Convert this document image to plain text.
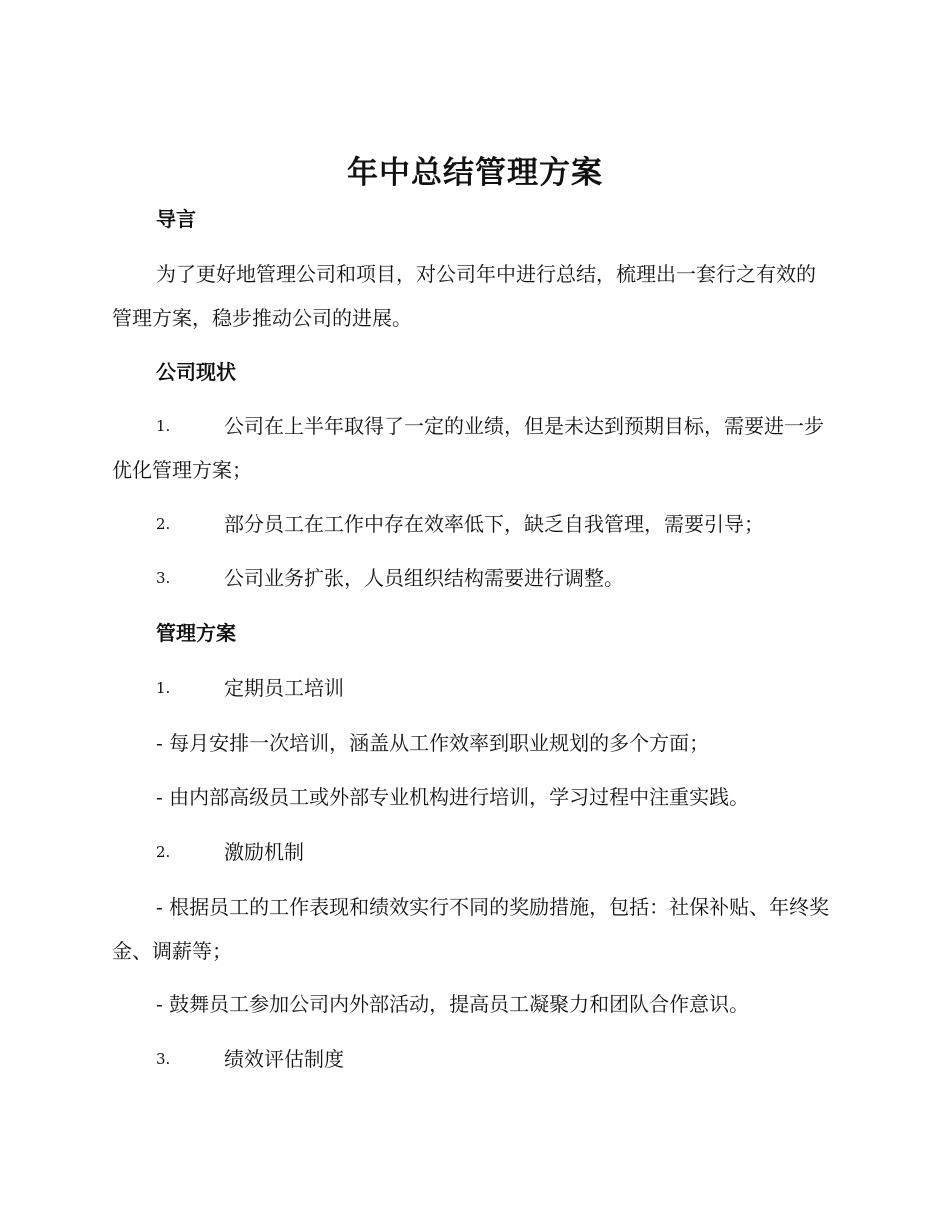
年中总结管理方案
导言
为了更好地管理公司和项目，对公司年中进行总结，梳理出一套行之有效的管理方案，稳步推动公司的进展。
公司现状
1.	公司在上半年取得了一定的业绩，但是未达到预期目标，需要进一步优化管理方案；
2.	部分员工在工作中存在效率低下，缺乏自我管理，需要引导；
3.	公司业务扩张，人员组织结构需要进行调整。
管理方案
1.	定期员工培训
- 每月安排一次培训，涵盖从工作效率到职业规划的多个方面；
- 由内部高级员工或外部专业机构进行培训，学习过程中注重实践。
2.	激励机制
- 根据员工的工作表现和绩效实行不同的奖励措施，包括：社保补贴、年终奖金、调薪等；
- 鼓舞员工参加公司内外部活动，提高员工凝聚力和团队合作意识。
3.	绩效评估制度
